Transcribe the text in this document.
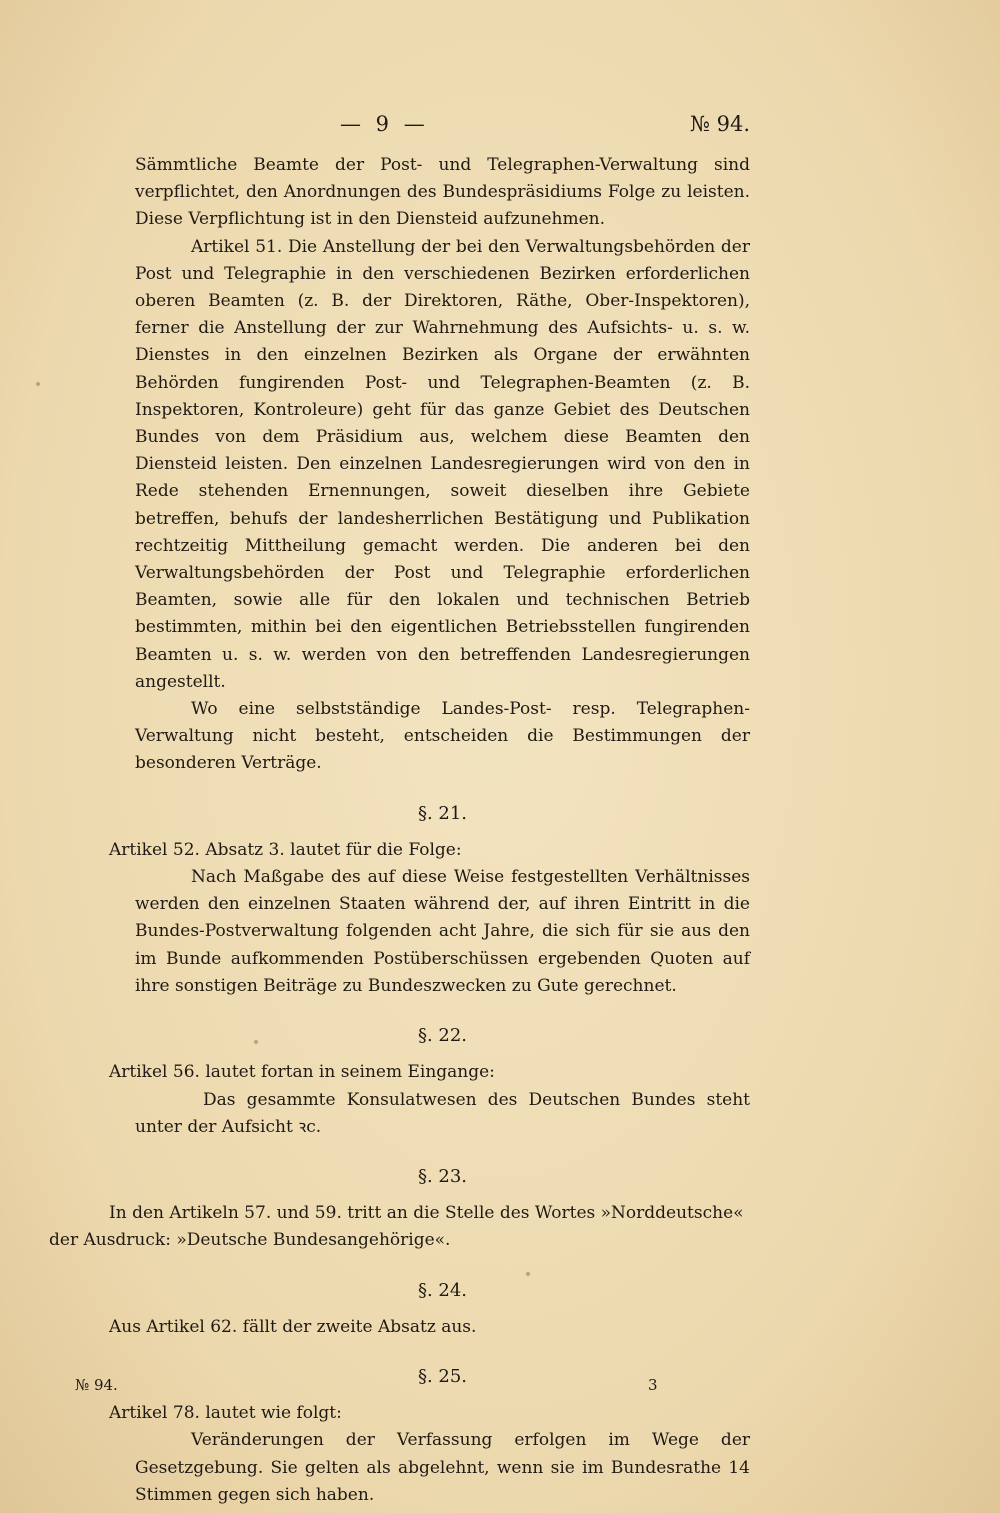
— 9 —	№ 94.

Sämmtliche Beamte der Post- und Telegraphen-Verwaltung sind verpflichtet, den Anordnungen des Bundespräsidiums Folge zu leisten. Diese Verpflichtung ist in den Diensteid aufzunehmen.

Artikel 51. Die Anstellung der bei den Verwaltungsbehörden der Post und Telegraphie in den verschiedenen Bezirken erforderlichen oberen Beamten (z. B. der Direktoren, Räthe, Ober-Inspektoren), ferner die Anstellung der zur Wahrnehmung des Aufsichts- u. s. w. Dienstes in den einzelnen Bezirken als Organe der erwähnten Behörden fungirenden Post- und Telegraphen-Beamten (z. B. Inspektoren, Kontroleure) geht für das ganze Gebiet des Deutschen Bundes von dem Präsidium aus, welchem diese Beamten den Diensteid leisten. Den einzelnen Landesregierungen wird von den in Rede stehenden Ernennungen, soweit dieselben ihre Gebiete betreffen, behufs der landesherrlichen Bestätigung und Publikation rechtzeitig Mittheilung gemacht werden. Die anderen bei den Verwaltungsbehörden der Post und Telegraphie erforderlichen Beamten, sowie alle für den lokalen und technischen Betrieb bestimmten, mithin bei den eigentlichen Betriebsstellen fungirenden Beamten u. s. w. werden von den betreffenden Landesregierungen angestellt.

Wo eine selbstständige Landes-Post- resp. Telegraphen-Verwaltung nicht besteht, entscheiden die Bestimmungen der besonderen Verträge.

§. 21.

Artikel 52. Absatz 3. lautet für die Folge:

Nach Maßgabe des auf diese Weise festgestellten Verhältnisses werden den einzelnen Staaten während der, auf ihren Eintritt in die Bundes-Postverwaltung folgenden acht Jahre, die sich für sie aus den im Bunde aufkommenden Postüberschüssen ergebenden Quoten auf ihre sonstigen Beiträge zu Bundeszwecken zu Gute gerechnet.

§. 22.

Artikel 56. lautet fortan in seinem Eingange:

Das gesammte Konsulatwesen des Deutschen Bundes steht unter der Aufsicht ꝛc.

§. 23.

In den Artikeln 57. und 59. tritt an die Stelle des Wortes »Norddeutsche«

der Ausdruck: »Deutsche Bundesangehörige«.

§. 24.

Aus Artikel 62. fällt der zweite Absatz aus.

§. 25.

Artikel 78. lautet wie folgt:

Veränderungen der Verfassung erfolgen im Wege der Gesetzgebung. Sie gelten als abgelehnt, wenn sie im Bundesrathe 14 Stimmen gegen sich haben.

№ 94.	3
